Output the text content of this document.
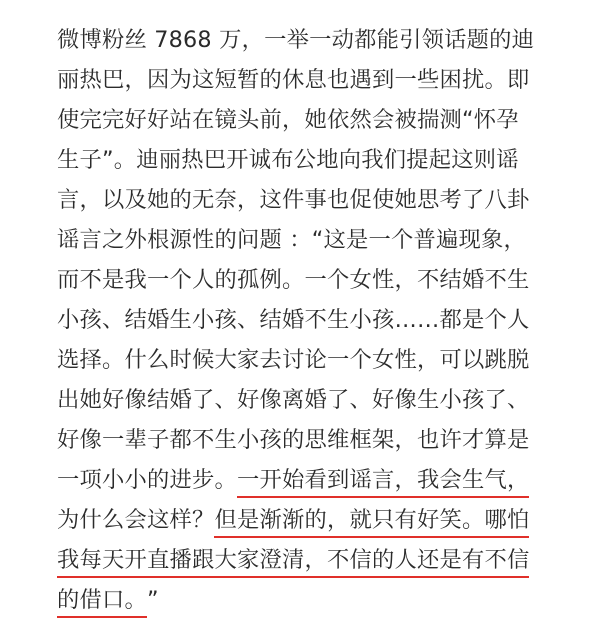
微博粉丝 7868 万，一举一动都能引领话题的迪
丽热巴，因为这短暂的休息也遇到一些困扰。即
使完完好好站在镜头前，她依然会被揣测“怀孕
生子”。迪丽热巴开诚布公地向我们提起这则谣
言，以及她的无奈，这件事也促使她思考了八卦
谣言之外根源性的问题 ：“这是一个普遍现象，
而不是我一个人的孤例。一个女性，不结婚不生
小孩、结婚生小孩、结婚不生小孩……都是个人
选择。什么时候大家去讨论一个女性，可以跳脱
出她好像结婚了、好像离婚了、好像生小孩了、
好像一辈子都不生小孩的思维框架，也许才算是
一项小小的进步。一开始看到谣言，我会生气，
为什么会这样？但是渐渐的，就只有好笑。哪怕
我每天开直播跟大家澄清，不信的人还是有不信
的借口。”
